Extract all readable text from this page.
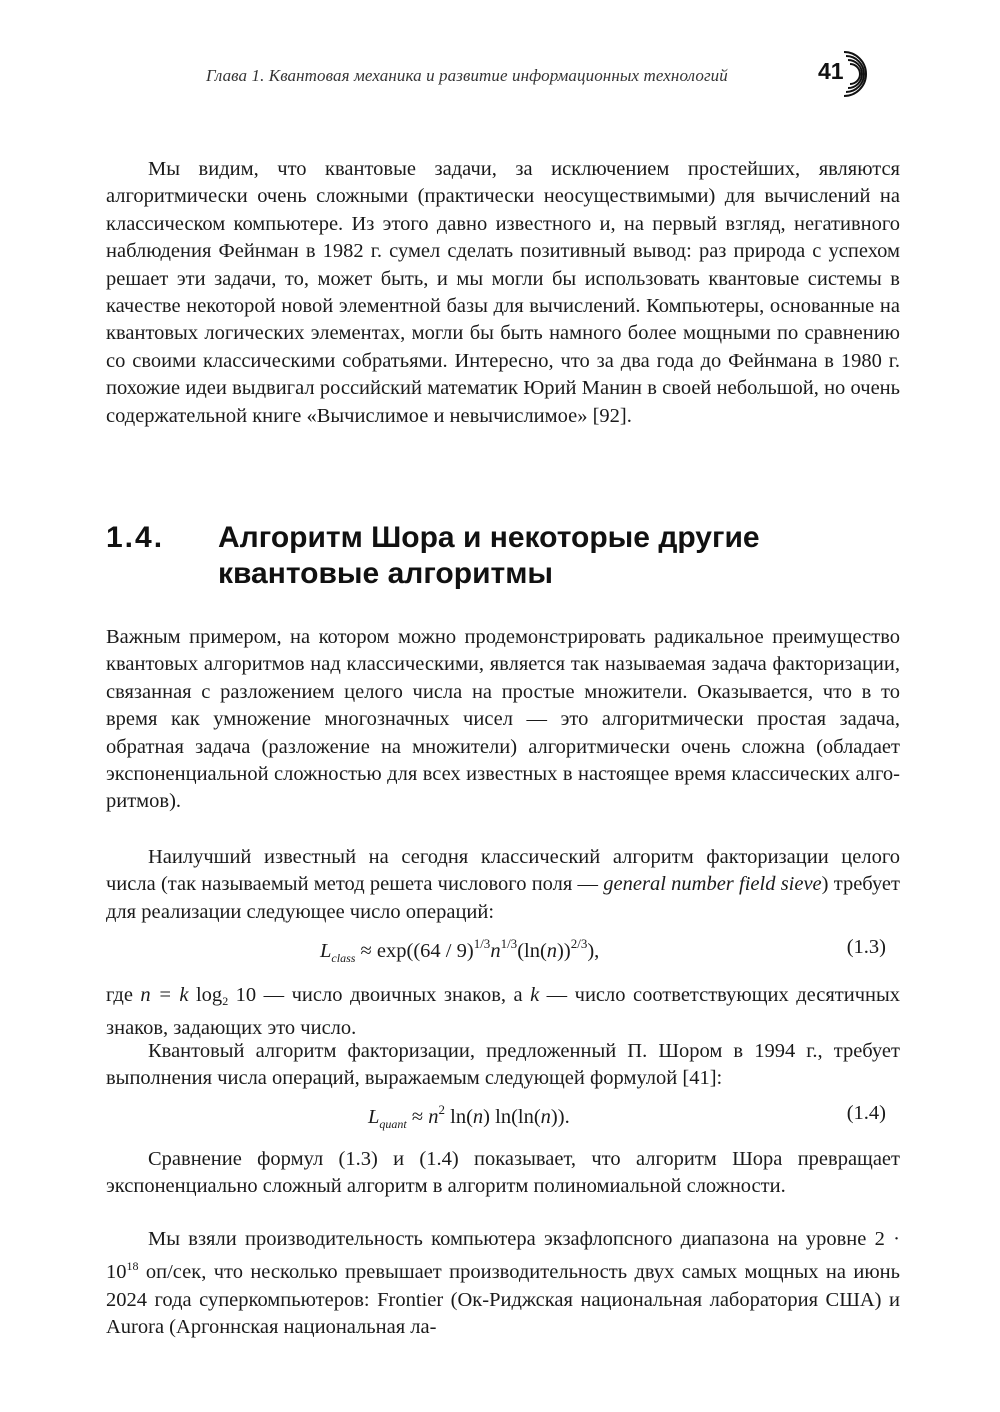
Глава 1. Квантовая механика и развитие информационных технологий	41

Мы видим, что квантовые задачи, за исключением простейших, являются алгоритмически очень сложными (практически неосуществимыми) для вычислений на классическом компьютере. Из этого давно известного и, на первый взгляд, негативного наблюдения Фейнман в 1982 г. сумел сделать позитивный вывод: раз природа с успехом решает эти задачи, то, может быть, и мы могли бы использовать квантовые системы в качестве некоторой новой элементной базы для вычислений. Компьютеры, основанные на квантовых логических элементах, могли бы быть намного более мощными по сравнению со своими классическими собратьями. Интересно, что за два года до Фейнмана в 1980 г. похожие идеи выдвигал российский математик Юрий Манин в своей небольшой, но очень содержательной книге «Вычислимое и невычислимое» [92].

1.4. Алгоритм Шора и некоторые другие квантовые алгоритмы

Важным примером, на котором можно продемонстрировать радикальное преимущество квантовых алгоритмов над классическими, является так называемая задача факторизации, связанная с разложением целого числа на простые множители. Оказывается, что в то время как умножение многозначных чисел — это алгоритмически простая задача, обратная задача (разложение на множители) алгоритмически очень сложна (обладает экспоненциальной сложностью для всех известных в настоящее время классических алгоритмов).

Наилучший известный на сегодня классический алгоритм факторизации целого числа (так называемый метод решета числового поля — general number field sieve) требует для реализации следующее число операций:

$L_{class} \approx \exp((64 / 9)^{1/3}n^{1/3}(\ln(n))^{2/3})$,	(1.3)

где n = k log2 10 — число двоичных знаков, а k — число соответствующих десятичных знаков, задающих это число.

Квантовый алгоритм факторизации, предложенный П. Шором в 1994 г., требует выполнения числа операций, выражаемым следующей формулой [41]:

$L_{quant} \approx n^2$ ln(n) ln(ln(n)).	(1.4)

Сравнение формул (1.3) и (1.4) показывает, что алгоритм Шора превращает экспоненциально сложный алгоритм в алгоритм полиномиальной сложности.

Мы взяли производительность компьютера экзафлопсного диапазона на уровне $2 \cdot 10^{18}$ оп/сек, что несколько превышает производительность двух самых мощных на июнь 2024 года суперкомпьютеров: Frontier (Ок-Риджская национальная лаборатория США) и Aurora (Аргоннская национальная ла-
